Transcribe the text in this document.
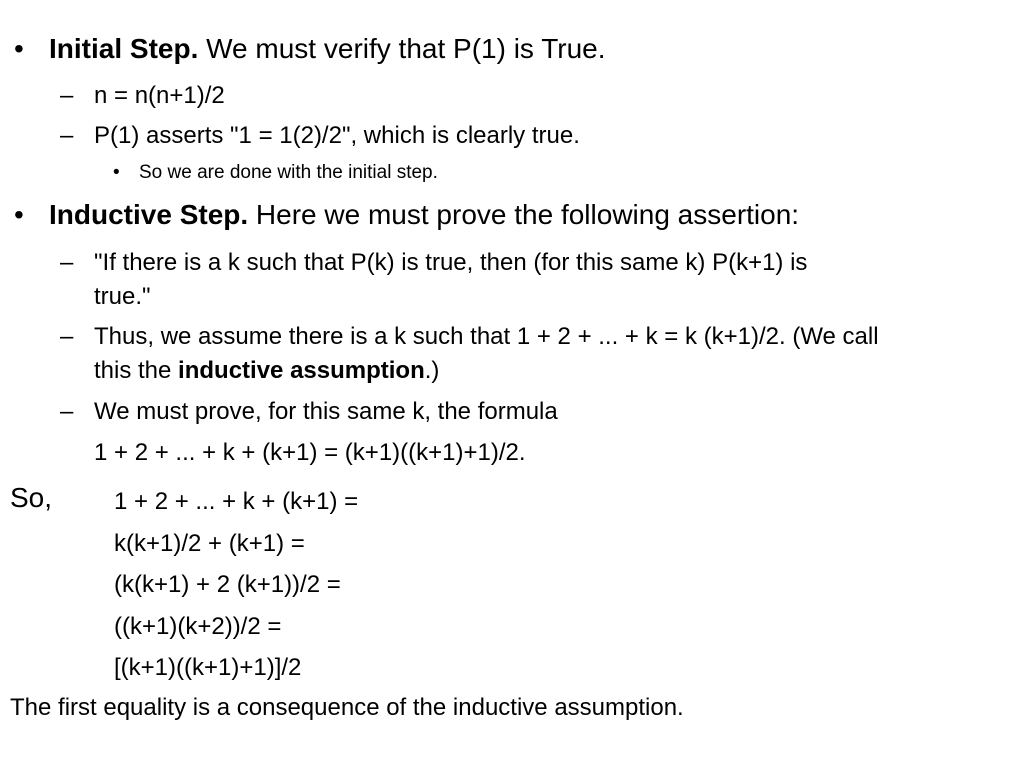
• Initial Step. We must verify that P(1) is True.
– n = n(n+1)/2
– P(1) asserts "1 = 1(2)/2", which is clearly true.
• So we are done with the initial step.
• Inductive Step. Here we must prove the following assertion:
– "If there is a k such that P(k) is true, then (for this same k) P(k+1) is
true."
– Thus, we assume there is a k such that 1 + 2 + ... + k = k (k+1)/2. (We call
this the inductive assumption.)
– We must prove, for this same k, the formula
1 + 2 + ... + k + (k+1) = (k+1)((k+1)+1)/2.
So,	1 + 2 + ... + k + (k+1) =
k(k+1)/2 + (k+1) =
(k(k+1) + 2 (k+1))/2 =
((k+1)(k+2))/2 =
[(k+1)((k+1)+1)]/2
The first equality is a consequence of the inductive assumption.
